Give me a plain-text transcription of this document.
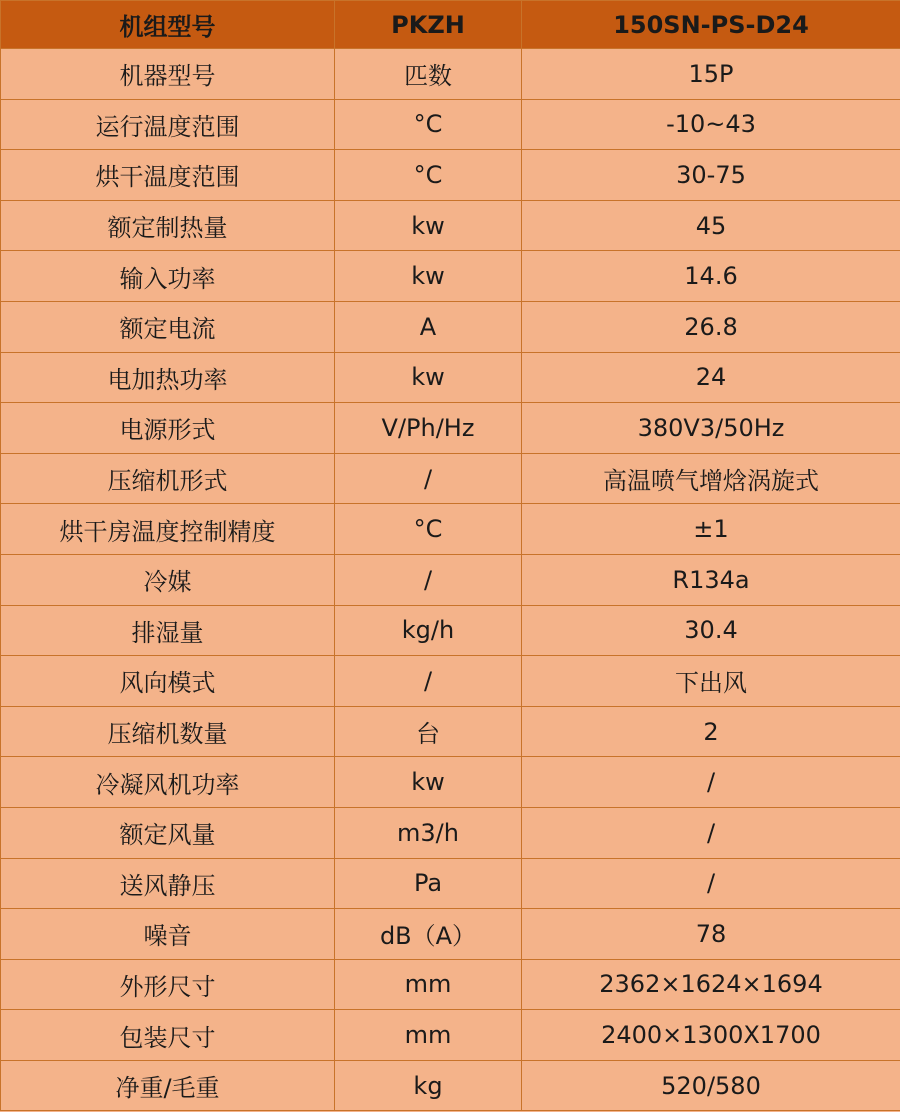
机组型号	PKZH	150SN-PS-D24
机器型号	匹数	15P
运行温度范围	°C	-10~43
烘干温度范围	°C	30-75
额定制热量	kw	45
输入功率	kw	14.6
额定电流	A	26.8
电加热功率	kw	24
电源形式	V/Ph/Hz	380V3/50Hz
压缩机形式	/	高温喷气增焓涡旋式
烘干房温度控制精度	°C	±1
冷媒	/	R134a
排湿量	kg/h	30.4
风向模式	/	下出风
压缩机数量	台	2
冷凝风机功率	kw	/
额定风量	m3/h	/
送风静压	Pa	/
噪音	dB（A）	78
外形尺寸	mm	2362×1624×1694
包装尺寸	mm	2400×1300X1700
净重/毛重	kg	520/580
